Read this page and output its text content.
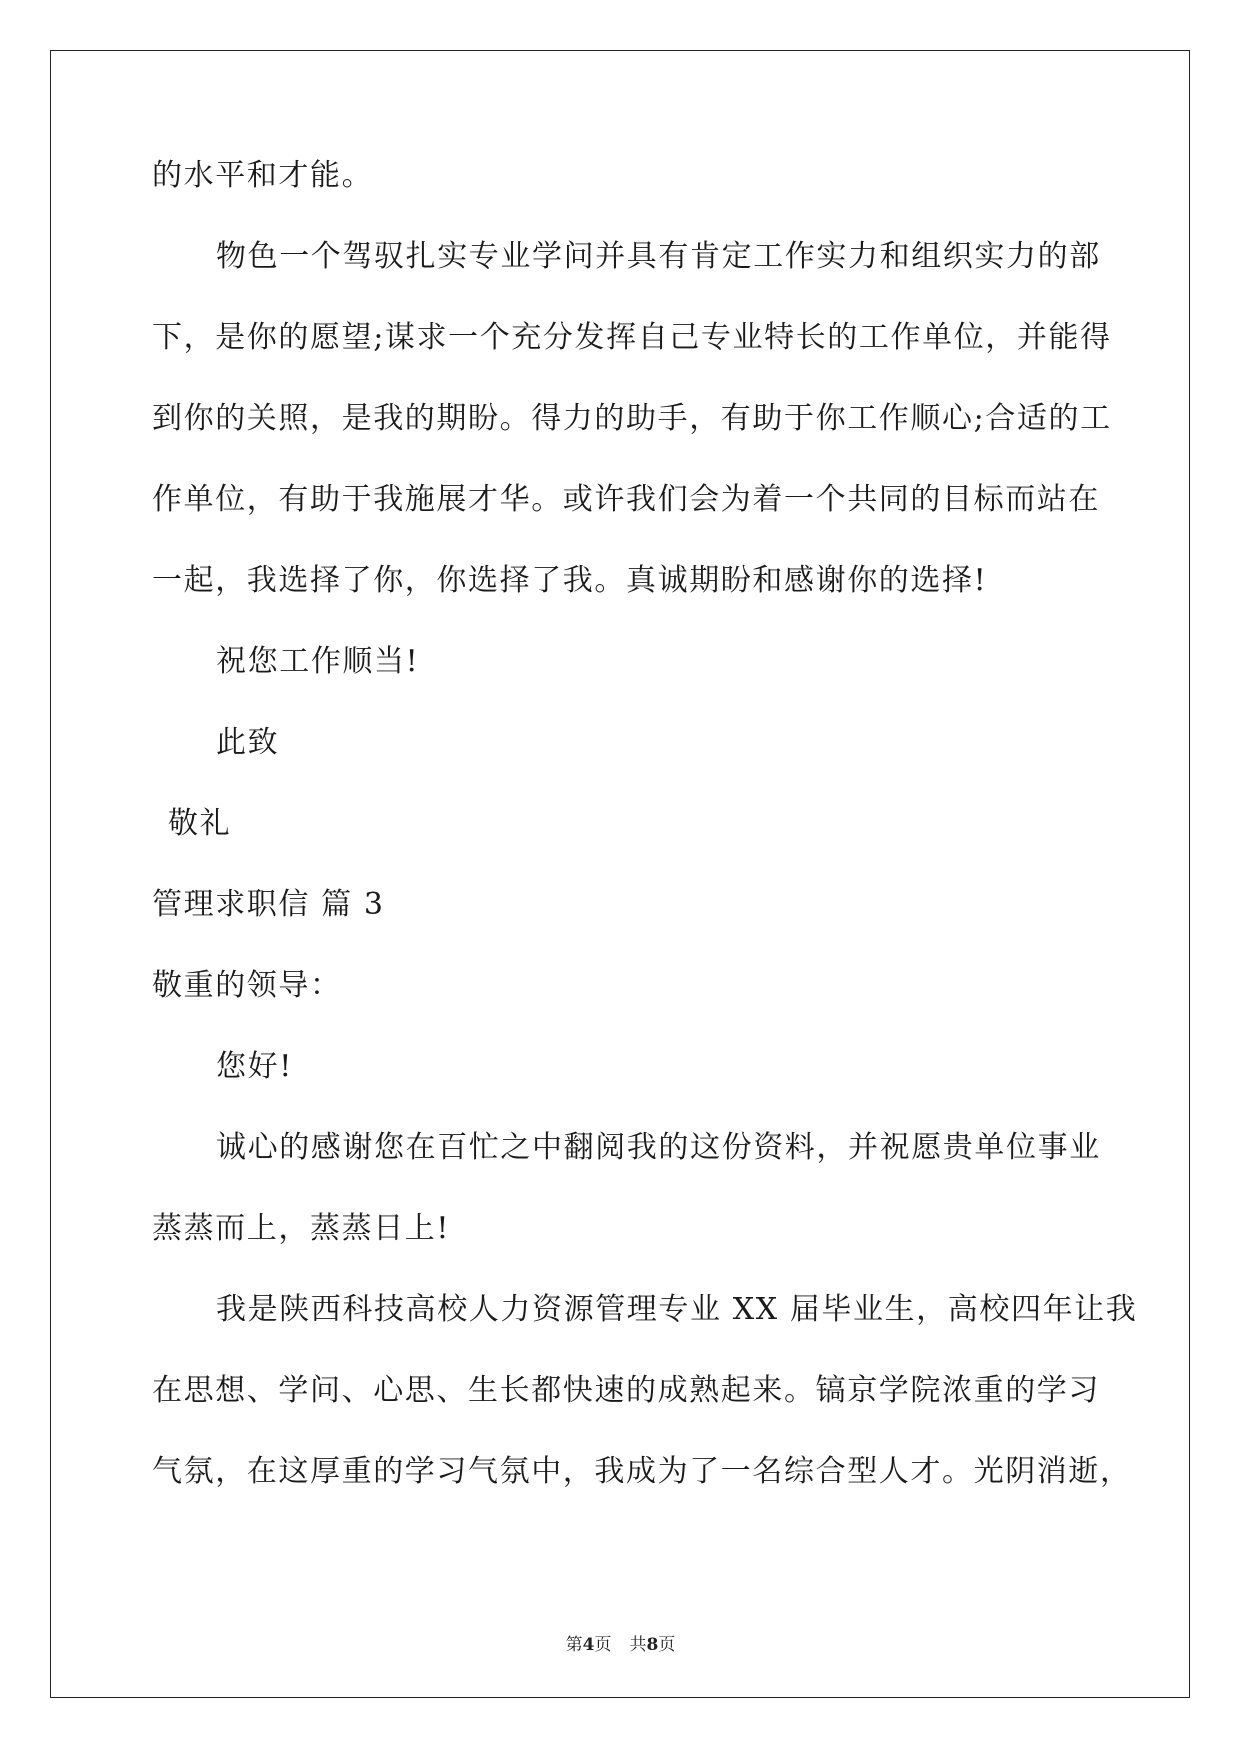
的水平和才能。
物色一个驾驭扎实专业学问并具有肯定工作实力和组织实力的部
下，是你的愿望;谋求一个充分发挥自己专业特长的工作单位，并能得
到你的关照，是我的期盼。得力的助手，有助于你工作顺心;合适的工
作单位，有助于我施展才华。或许我们会为着一个共同的目标而站在
一起，我选择了你，你选择了我。真诚期盼和感谢你的选择!
祝您工作顺当!
此致
敬礼
管理求职信 篇 3
敬重的领导：
您好!
诚心的感谢您在百忙之中翻阅我的这份资料，并祝愿贵单位事业
蒸蒸而上，蒸蒸日上!
我是陕西科技高校人力资源管理专业 XX 届毕业生，高校四年让我
在思想、学问、心思、生长都快速的成熟起来。镐京学院浓重的学习
气氛，在这厚重的学习气氛中，我成为了一名综合型人才。光阴消逝，
第4页 共8页
